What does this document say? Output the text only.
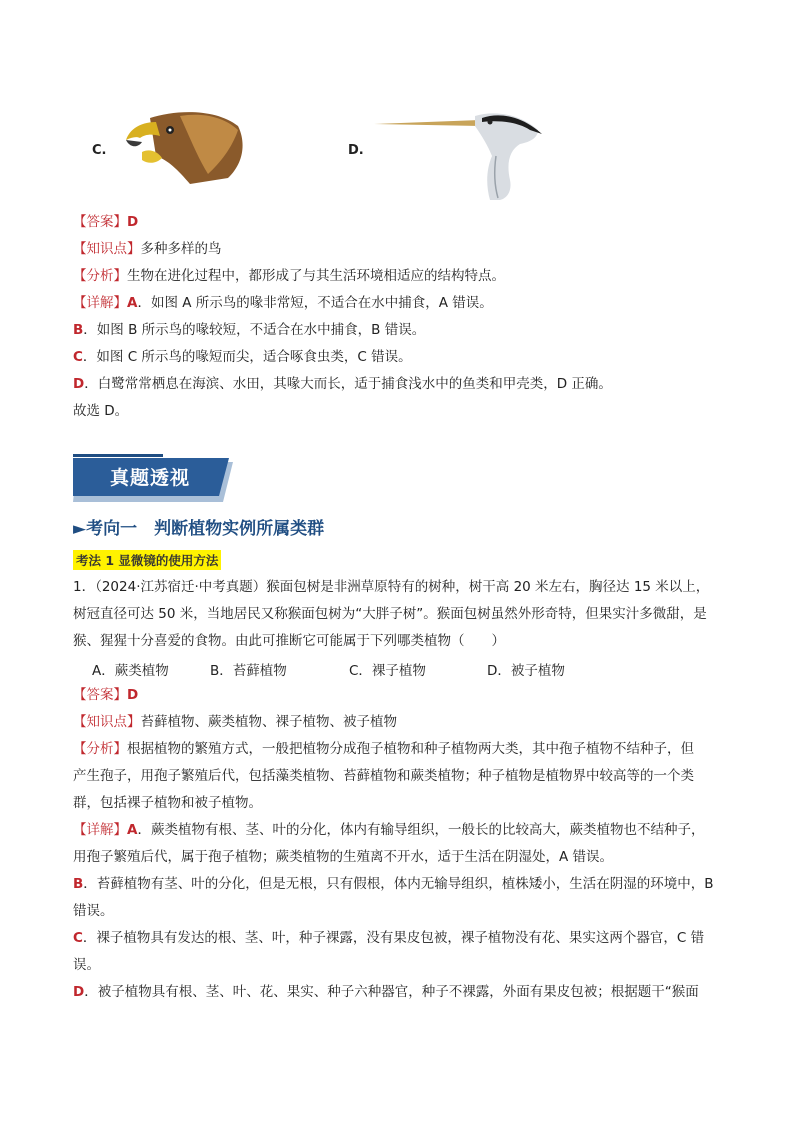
C.	D.
【答案】D
【知识点】多种多样的鸟
【分析】生物在进化过程中，都形成了与其生活环境相适应的结构特点。
【详解】A．如图 A 所示鸟的喙非常短，不适合在水中捕食，A 错误。
B．如图 B 所示鸟的喙较短，不适合在水中捕食，B 错误。
C．如图 C 所示鸟的喙短而尖，适合啄食虫类，C 错误。
D．白鹭常常栖息在海滨、水田，其喙大而长，适于捕食浅水中的鱼类和甲壳类，D 正确。
故选 D。
真题透视
►考向一　判断植物实例所属类群
考法 1 显微镜的使用方法
1．（2024·江苏宿迁·中考真题）猴面包树是非洲草原特有的树种，树干高 20 米左右，胸径达 15 米以上，
树冠直径可达 50 米，当地居民又称猴面包树为“大胖子树”。猴面包树虽然外形奇特，但果实汁多微甜，是
猴、猩猩十分喜爱的食物。由此可推断它可能属于下列哪类植物（　　）
A．蕨类植物	B．苔藓植物	C．裸子植物	D．被子植物
【答案】D
【知识点】苔藓植物、蕨类植物、裸子植物、被子植物
【分析】根据植物的繁殖方式，一般把植物分成孢子植物和种子植物两大类，其中孢子植物不结种子，但
产生孢子，用孢子繁殖后代，包括藻类植物、苔藓植物和蕨类植物；种子植物是植物界中较高等的一个类
群，包括裸子植物和被子植物。
【详解】A．蕨类植物有根、茎、叶的分化，体内有输导组织，一般长的比较高大，蕨类植物也不结种子，
用孢子繁殖后代，属于孢子植物；蕨类植物的生殖离不开水，适于生活在阴湿处，A 错误。
B．苔藓植物有茎、叶的分化，但是无根，只有假根，体内无输导组织，植株矮小，生活在阴湿的环境中，B
错误。
C．裸子植物具有发达的根、茎、叶，种子裸露，没有果皮包被，裸子植物没有花、果实这两个器官，C 错
误。
D．被子植物具有根、茎、叶、花、果实、种子六种器官，种子不裸露，外面有果皮包被；根据题干“猴面
